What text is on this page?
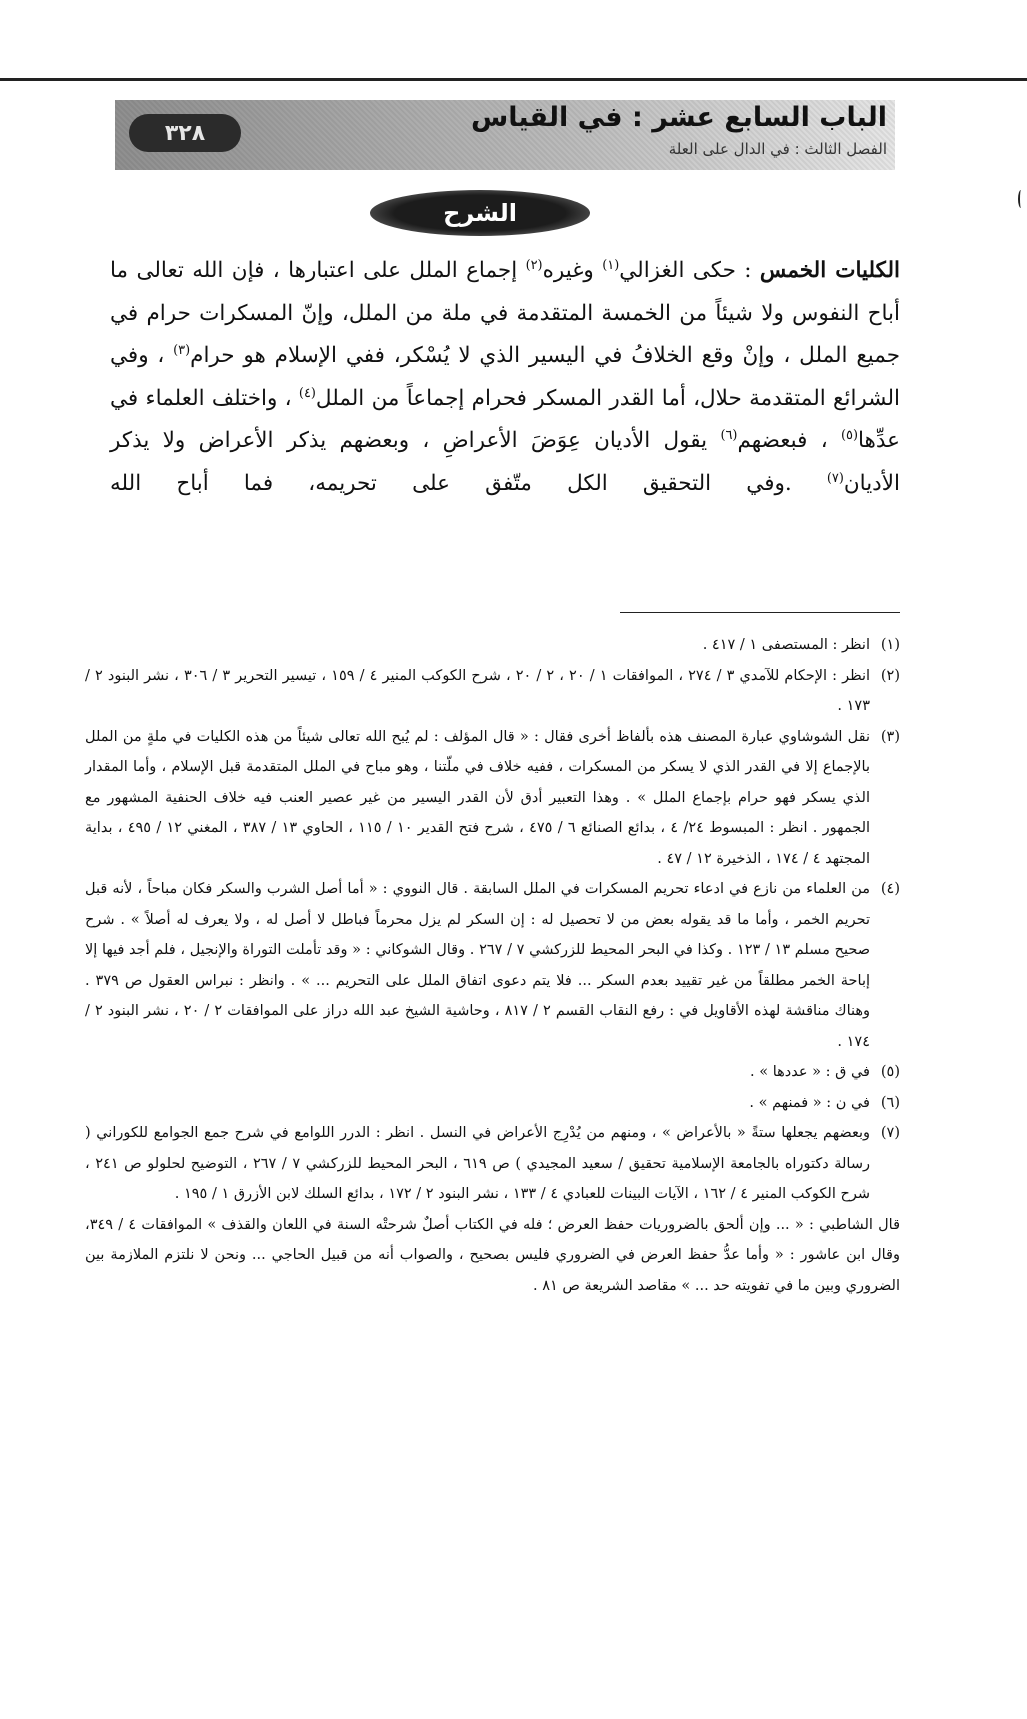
الباب السابع عشر : في القياس
الفصل الثالث : في الدال على العلة
٣٢٨
الشرح
الكليات الخمس : حكى الغزالي$^{(١)}$ وغيره$^{(٢)}$ إجماع الملل على اعتبارها ، فإن الله تعالى ما أباح النفوس ولا شيئاً من الخمسة المتقدمة في ملة من الملل، وإنّ المسكرات حرام في جميع الملل ، وإنْ وقع الخلافُ في اليسير الذي لا يُسْكر، ففي الإسلام هو حرام$^{(٣)}$ ، وفي الشرائع المتقدمة حلال، أما القدر المسكر فحرام إجماعاً من الملل$^{(٤)}$ ، واختلف العلماء في عدِّها$^{(٥)}$ ، فبعضهم$^{(٦)}$ يقول الأديان عِوَضَ الأعراضِ ، وبعضهم يذكر الأعراض ولا يذكر الأديان$^{(٧)}$ .وفي التحقيق الكل متّفق على تحريمه، فما أباح الله
(١)
انظر : المستصفى ١ / ٤١٧ .
(٢)
انظر : الإحكام للآمدي ٣ / ٢٧٤ ، الموافقات ١ / ٢٠ ، ٢ / ٢٠ ، شرح الكوكب المنير ٤ / ١٥٩ ، تيسير التحرير ٣ / ٣٠٦ ، نشر البنود ٢ / ١٧٣ .
(٣)
نقل الشوشاوي عبارة المصنف هذه بألفاظ أخرى فقال : « قال المؤلف : لم يُبح الله تعالى شيئاً من هذه الكليات في ملةٍ من الملل بالإجماع إلا في القدر الذي لا يسكر من المسكرات ، ففيه خلاف في ملّتنا ، وهو مباح في الملل المتقدمة قبل الإسلام ، وأما المقدار الذي يسكر فهو حرام بإجماع الملل » . وهذا التعبير أدق لأن القدر اليسير من غير عصير العنب فيه خلاف الحنفية المشهور مع الجمهور . انظر : المبسوط ٢٤/ ٤ ، بدائع الصنائع ٦ / ٤٧٥ ، شرح فتح القدير ١٠ / ١١٥ ، الحاوي ١٣ / ٣٨٧ ، المغني ١٢ / ٤٩٥ ، بداية المجتهد ٤ / ١٧٤ ، الذخيرة ١٢ / ٤٧ .
(٤)
من العلماء من نازع في ادعاء تحريم المسكرات في الملل السابقة . قال النووي : « أما أصل الشرب والسكر فكان مباحاً ، لأنه قبل تحريم الخمر ، وأما ما قد يقوله بعض من لا تحصيل له : إن السكر لم يزل محرماً فباطل لا أصل له ، ولا يعرف له أصلاً » . شرح صحيح مسلم ١٣ / ١٢٣ . وكذا في البحر المحيط للزركشي ٧ / ٢٦٧ . وقال الشوكاني : « وقد تأملت التوراة والإنجيل ، فلم أجد فيها إلا إباحة الخمر مطلقاً من غير تقييد بعدم السكر ... فلا يتم دعوى اتفاق الملل على التحريم ... » . وانظر : نبراس العقول ص ٣٧٩ . وهناك مناقشة لهذه الأقاويل في : رفع النقاب القسم ٢ / ٨١٧ ، وحاشية الشيخ عبد الله دراز على الموافقات ٢ / ٢٠ ، نشر البنود ٢ / ١٧٤ .
(٥)
في ق : « عددها » .
(٦)
في ن : « فمنهم » .
(٧)
وبعضهم يجعلها ستةً « بالأعراض » ، ومنهم من يُدْرِج الأعراض في النسل . انظر : الدرر اللوامع في شرح جمع الجوامع للكوراني ( رسالة دكتوراه بالجامعة الإسلامية تحقيق / سعيد المجيدي ) ص ٦١٩ ، البحر المحيط للزركشي ٧ / ٢٦٧ ، التوضيح لحلولو ص ٢٤١ ، شرح الكوكب المنير ٤ / ١٦٢ ، الآيات البينات للعبادي ٤ / ١٣٣ ، نشر البنود ٢ / ١٧٢ ، بدائع السلك لابن الأزرق ١ / ١٩٥ .
قال الشاطبي : « ... وإن ألحق بالضروريات حفظ العرض ؛ فله في الكتاب أصلٌ شرحتْه السنة في اللعان والقذف » الموافقات ٤ / ٣٤٩، وقال ابن عاشور : « وأما عدُّ حفظ العرض في الضروري فليس بصحيح ، والصواب أنه من قبيل الحاجي ... ونحن لا نلتزم الملازمة بين الضروري وبين ما في تفويته حد ... » مقاصد الشريعة ص ٨١ .
